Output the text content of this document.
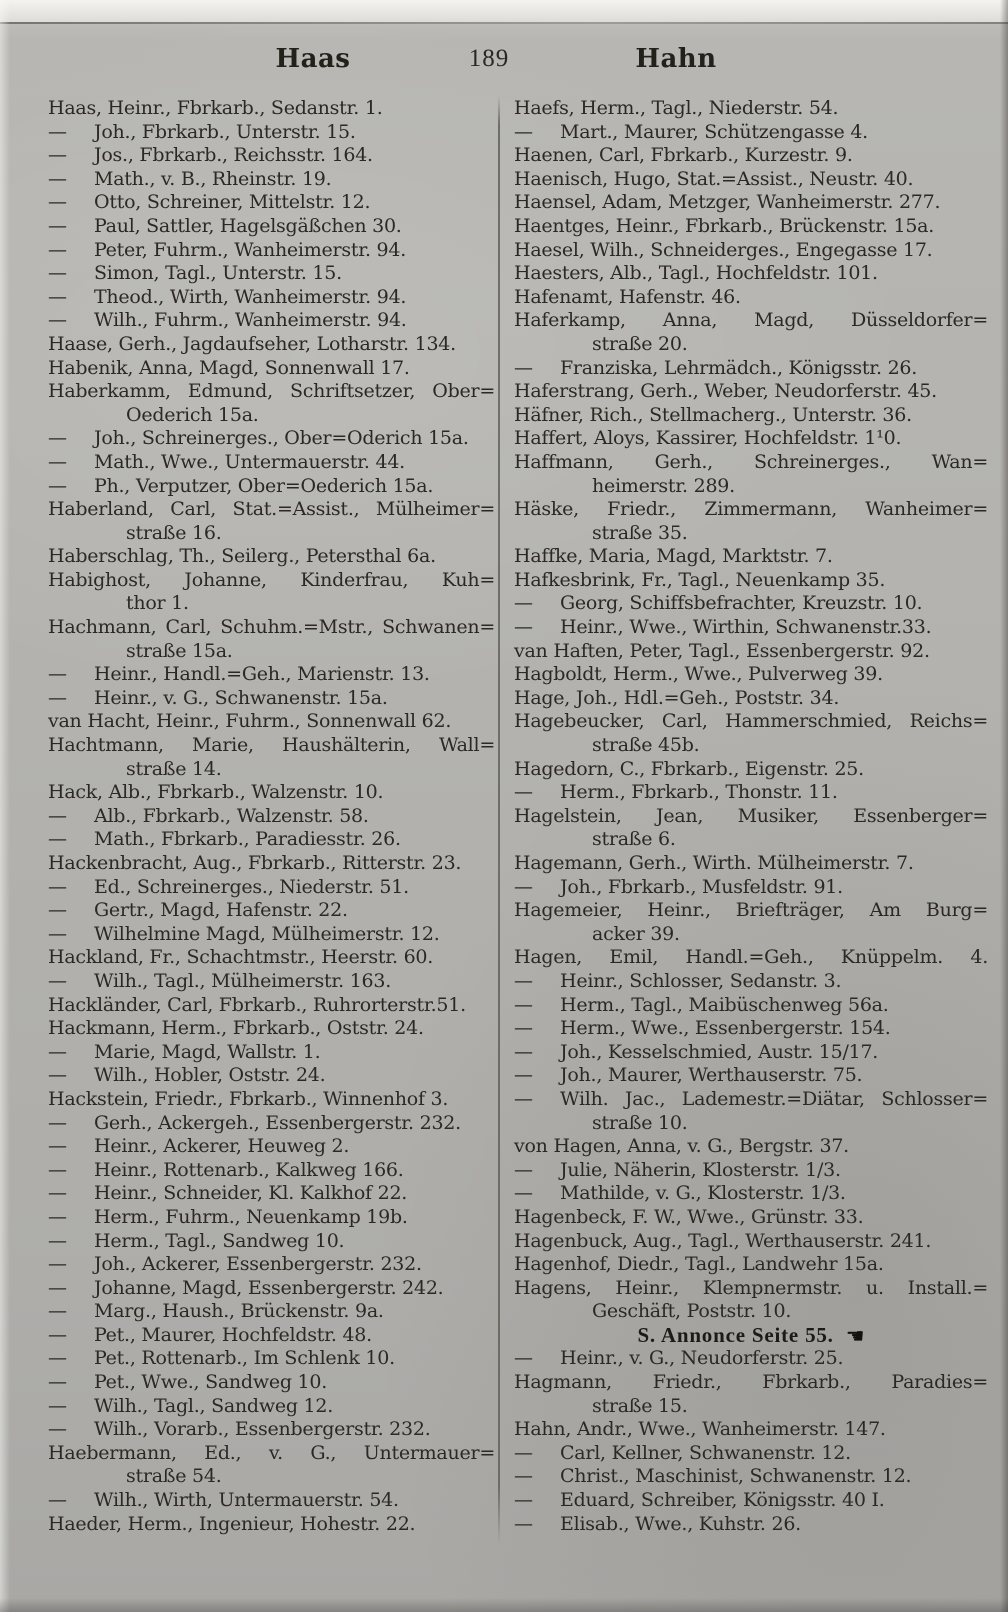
Haas	189	Hahn
Haas, Heinr., Fbrkarb., Sedanstr. 1.
— Joh., Fbrkarb., Unterstr. 15.
— Jos., Fbrkarb., Reichsstr. 164.
— Math., v. B., Rheinstr. 19.
— Otto, Schreiner, Mittelstr. 12.
— Paul, Sattler, Hagelsgäßchen 30.
— Peter, Fuhrm., Wanheimerstr. 94.
— Simon, Tagl., Unterstr. 15.
— Theod., Wirth, Wanheimerstr. 94.
— Wilh., Fuhrm., Wanheimerstr. 94.
Haase, Gerh., Jagdaufseher, Lotharstr. 134.
Habenik, Anna, Magd, Sonnenwall 17.
Haberkamm, Edmund, Schriftsetzer, Ober=
Oederich 15a.
— Joh., Schreinerges., Ober=Oderich 15a.
— Math., Wwe., Untermauerstr. 44.
— Ph., Verputzer, Ober=Oederich 15a.
Haberland, Carl, Stat.=Assist., Mülheimer=
straße 16.
Haberschlag, Th., Seilerg., Petersthal 6a.
Habighost, Johanne, Kinderfrau, Kuh=
thor 1.
Hachmann, Carl, Schuhm.=Mstr., Schwanen=
straße 15a.
— Heinr., Handl.=Geh., Marienstr. 13.
— Heinr., v. G., Schwanenstr. 15a.
van Hacht, Heinr., Fuhrm., Sonnenwall 62.
Hachtmann, Marie, Haushälterin, Wall=
straße 14.
Hack, Alb., Fbrkarb., Walzenstr. 10.
— Alb., Fbrkarb., Walzenstr. 58.
— Math., Fbrkarb., Paradiesstr. 26.
Hackenbracht, Aug., Fbrkarb., Ritterstr. 23.
— Ed., Schreinerges., Niederstr. 51.
— Gertr., Magd, Hafenstr. 22.
— Wilhelmine Magd, Mülheimerstr. 12.
Hackland, Fr., Schachtmstr., Heerstr. 60.
— Wilh., Tagl., Mülheimerstr. 163.
Hackländer, Carl, Fbrkarb., Ruhrorterstr.51.
Hackmann, Herm., Fbrkarb., Oststr. 24.
— Marie, Magd, Wallstr. 1.
— Wilh., Hobler, Oststr. 24.
Hackstein, Friedr., Fbrkarb., Winnenhof 3.
— Gerh., Ackergeh., Essenbergerstr. 232.
— Heinr., Ackerer, Heuweg 2.
— Heinr., Rottenarb., Kalkweg 166.
— Heinr., Schneider, Kl. Kalkhof 22.
— Herm., Fuhrm., Neuenkamp 19b.
— Herm., Tagl., Sandweg 10.
— Joh., Ackerer, Essenbergerstr. 232.
— Johanne, Magd, Essenbergerstr. 242.
— Marg., Haush., Brückenstr. 9a.
— Pet., Maurer, Hochfeldstr. 48.
— Pet., Rottenarb., Im Schlenk 10.
— Pet., Wwe., Sandweg 10.
— Wilh., Tagl., Sandweg 12.
— Wilh., Vorarb., Essenbergerstr. 232.
Haebermann, Ed., v. G., Untermauer=
straße 54.
— Wilh., Wirth, Untermauerstr. 54.
Haeder, Herm., Ingenieur, Hohestr. 22.
Haefs, Herm., Tagl., Niederstr. 54.
— Mart., Maurer, Schützengasse 4.
Haenen, Carl, Fbrkarb., Kurzestr. 9.
Haenisch, Hugo, Stat.=Assist., Neustr. 40.
Haensel, Adam, Metzger, Wanheimerstr. 277.
Haentges, Heinr., Fbrkarb., Brückenstr. 15a.
Haesel, Wilh., Schneiderges., Engegasse 17.
Haesters, Alb., Tagl., Hochfeldstr. 101.
Hafenamt, Hafenstr. 46.
Haferkamp, Anna, Magd, Düsseldorfer=
straße 20.
— Franziska, Lehrmädch., Königsstr. 26.
Haferstrang, Gerh., Weber, Neudorferstr. 45.
Häfner, Rich., Stellmacherg., Unterstr. 36.
Haffert, Aloys, Kassirer, Hochfeldstr. 1¹0.
Haffmann, Gerh., Schreinerges., Wan=
heimerstr. 289.
Häske, Friedr., Zimmermann, Wanheimer=
straße 35.
Haffke, Maria, Magd, Marktstr. 7.
Hafkesbrink, Fr., Tagl., Neuenkamp 35.
— Georg, Schiffsbefrachter, Kreuzstr. 10.
— Heinr., Wwe., Wirthin, Schwanenstr.33.
van Haften, Peter, Tagl., Essenbergerstr. 92.
Hagboldt, Herm., Wwe., Pulverweg 39.
Hage, Joh., Hdl.=Geh., Poststr. 34.
Hagebeucker, Carl, Hammerschmied, Reichs=
straße 45b.
Hagedorn, C., Fbrkarb., Eigenstr. 25.
— Herm., Fbrkarb., Thonstr. 11.
Hagelstein, Jean, Musiker, Essenberger=
straße 6.
Hagemann, Gerh., Wirth. Mülheimerstr. 7.
— Joh., Fbrkarb., Musfeldstr. 91.
Hagemeier, Heinr., Briefträger, Am Burg=
acker 39.
Hagen, Emil, Handl.=Geh., Knüppelm. 4.
— Heinr., Schlosser, Sedanstr. 3.
— Herm., Tagl., Maibüschenweg 56a.
— Herm., Wwe., Essenbergerstr. 154.
— Joh., Kesselschmied, Austr. 15/17.
— Joh., Maurer, Werthauserstr. 75.
— Wilh. Jac., Lademestr.=Diätar, Schlosser=
straße 10.
von Hagen, Anna, v. G., Bergstr. 37.
— Julie, Näherin, Klosterstr. 1/3.
— Mathilde, v. G., Klosterstr. 1/3.
Hagenbeck, F. W., Wwe., Grünstr. 33.
Hagenbuck, Aug., Tagl., Werthauserstr. 241.
Hagenhof, Diedr., Tagl., Landwehr 15a.
Hagens, Heinr., Klempnermstr. u. Install.=
Geschäft, Poststr. 10.
S. Annonce Seite 55. ☚
— Heinr., v. G., Neudorferstr. 25.
Hagmann, Friedr., Fbrkarb., Paradies=
straße 15.
Hahn, Andr., Wwe., Wanheimerstr. 147.
— Carl, Kellner, Schwanenstr. 12.
— Christ., Maschinist, Schwanenstr. 12.
— Eduard, Schreiber, Königsstr. 40 I.
— Elisab., Wwe., Kuhstr. 26.
